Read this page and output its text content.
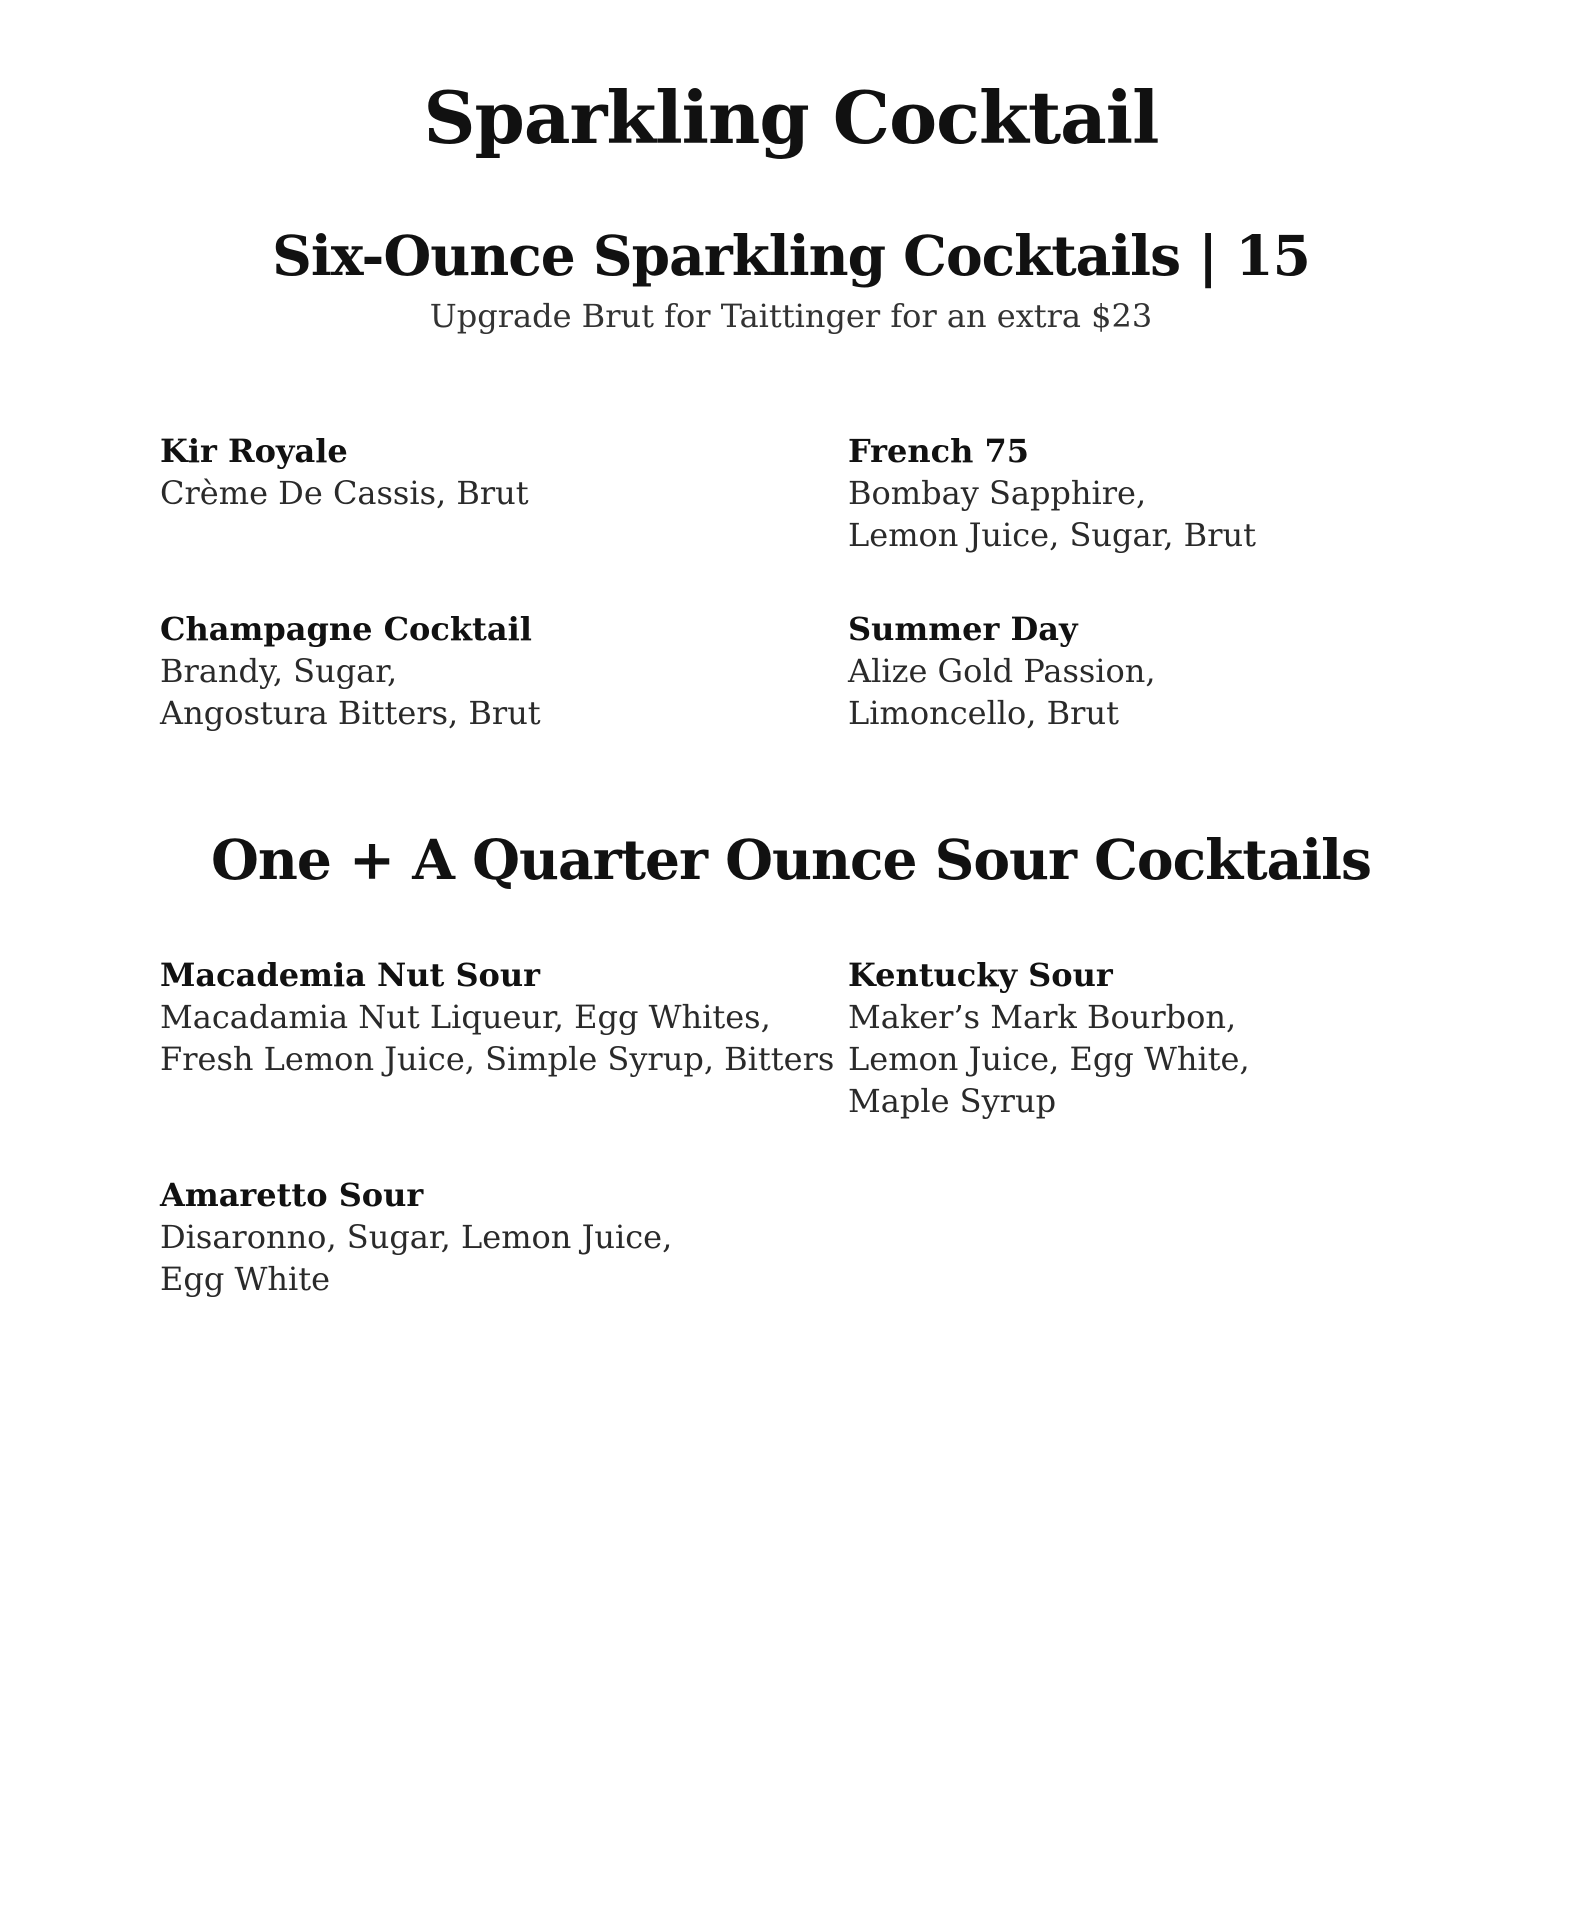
Sparkling Cocktail
Six-Ounce Sparkling Cocktails | 15

Upgrade Brut for Taittinger for an extra $23

Kir Royale
Crème De Cassis, Brut
French 75
Bombay Sapphire,
Lemon Juice, Sugar, Brut
Champagne Cocktail
Brandy, Sugar,
Angostura Bitters, Brut
Summer Day
Alize Gold Passion,
Limoncello, Brut
One + A Quarter Ounce Sour Cocktails
Macademia Nut Sour
Macadamia Nut Liqueur, Egg Whites,
Fresh Lemon Juice, Simple Syrup, Bitters
Kentucky Sour
Maker’s Mark Bourbon,
Lemon Juice, Egg White,
Maple Syrup
Amaretto Sour
Disaronno, Sugar, Lemon Juice,
Egg White
